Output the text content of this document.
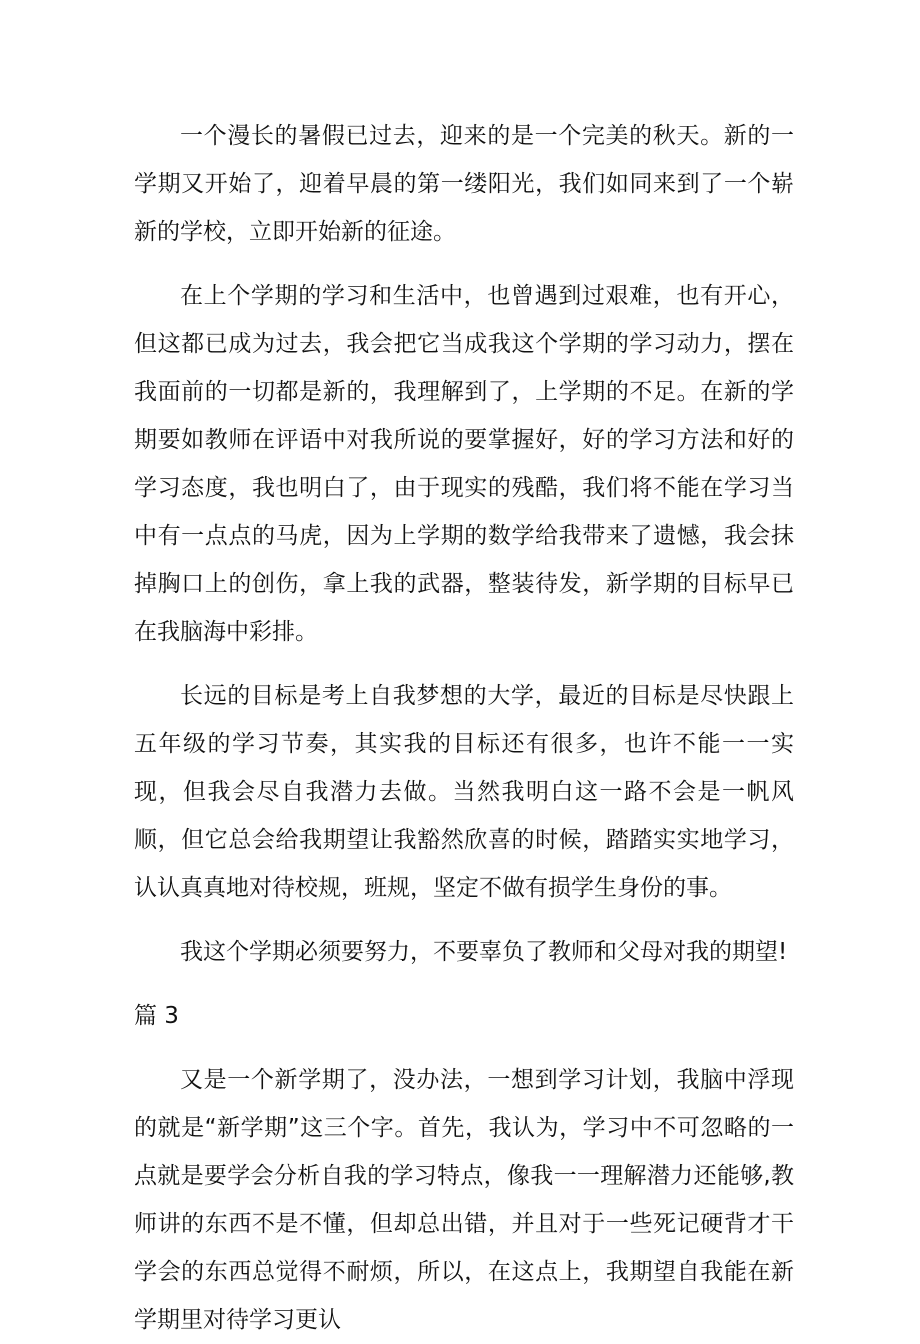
一个漫长的暑假已过去，迎来的是一个完美的秋天。新的一学期又开始了，迎着早晨的第一缕阳光，我们如同来到了一个崭新的学校，立即开始新的征途。

在上个学期的学习和生活中，也曾遇到过艰难，也有开心，但这都已成为过去，我会把它当成我这个学期的学习动力，摆在我面前的一切都是新的，我理解到了，上学期的不足。在新的学期要如教师在评语中对我所说的要掌握好，好的学习方法和好的学习态度，我也明白了，由于现实的残酷，我们将不能在学习当中有一点点的马虎，因为上学期的数学给我带来了遗憾，我会抹掉胸口上的创伤，拿上我的武器，整装待发，新学期的目标早已在我脑海中彩排。

长远的目标是考上自我梦想的大学，最近的目标是尽快跟上五年级的学习节奏，其实我的目标还有很多，也许不能一一实现，但我会尽自我潜力去做。当然我明白这一路不会是一帆风顺，但它总会给我期望让我豁然欣喜的时候，踏踏实实地学习，认认真真地对待校规，班规，坚定不做有损学生身份的事。

我这个学期必须要努力，不要辜负了教师和父母对我的期望!

篇 3

又是一个新学期了，没办法，一想到学习计划，我脑中浮现的就是“新学期”这三个字。首先，我认为，学习中不可忽略的一点就是要学会分析自我的学习特点，像我一一理解潜力还能够,教师讲的东西不是不懂，但却总出错，并且对于一些死记硬背才干学会的东西总觉得不耐烦，所以，在这点上，我期望自我能在新学期里对待学习更认
